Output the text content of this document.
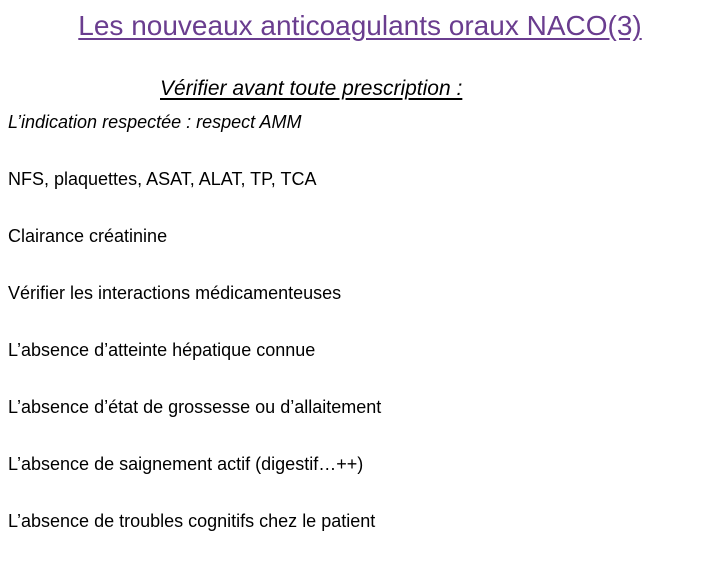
Les nouveaux anticoagulants oraux NACO(3)
Vérifier avant toute prescription :
L’indication respectée : respect AMM
NFS, plaquettes, ASAT, ALAT, TP, TCA
Clairance créatinine
Vérifier les interactions médicamenteuses
L’absence d’atteinte hépatique connue
L’absence d’état de grossesse ou d’allaitement
L’absence de saignement actif (digestif…++)
L’absence de troubles cognitifs chez le patient
